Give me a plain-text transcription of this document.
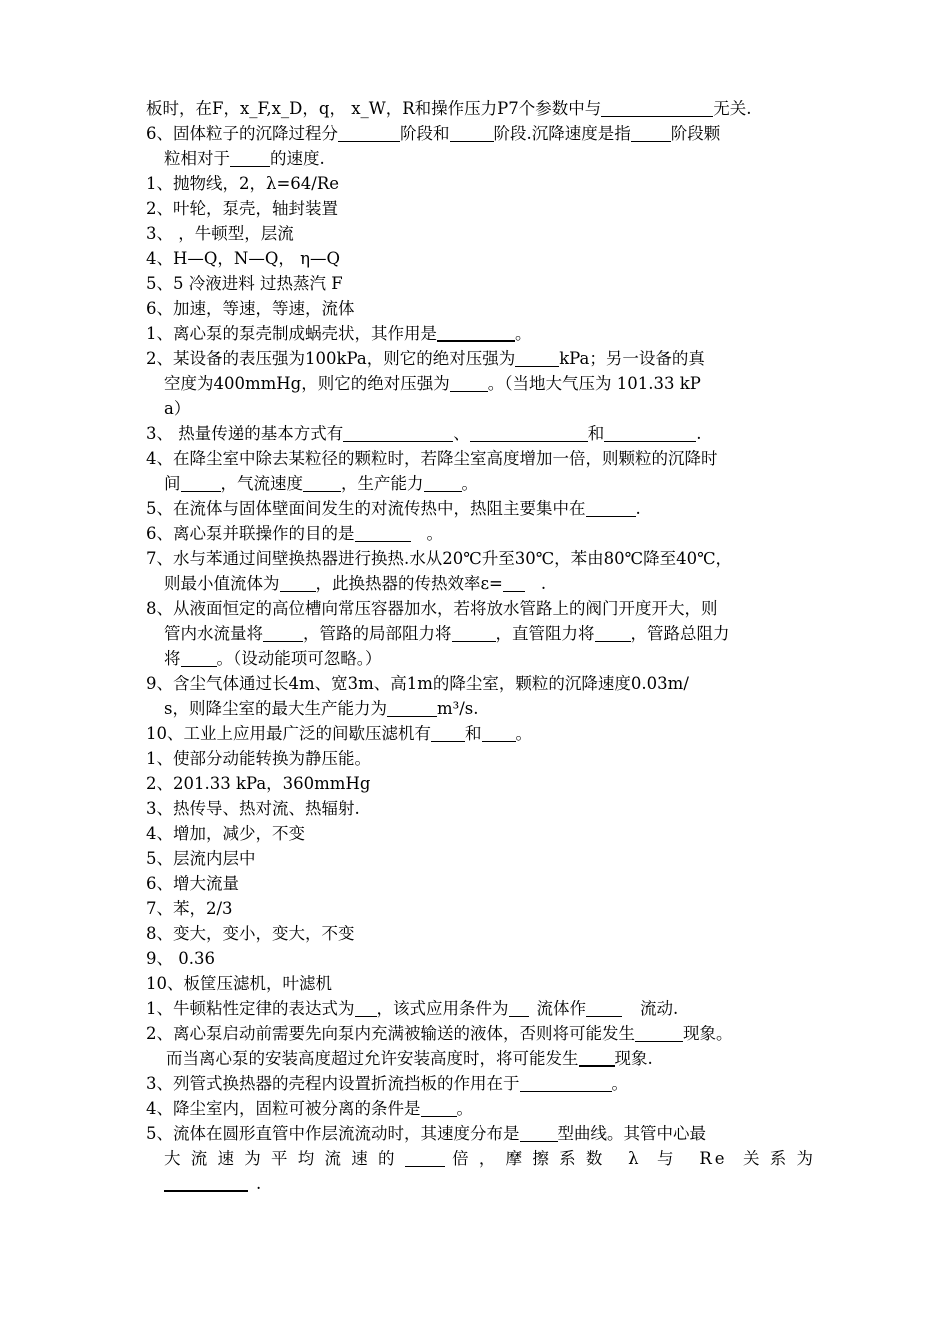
板时，在F，x_F,x_D，q， x_W，R和操作压力P7个参数中与	无关.
6、固体粒子的沉降过程分	阶段和	阶段.沉降速度是指 阶段颗
粒相对于 的速度.
1、抛物线，2，λ=64/Re
2、叶轮，泵壳，轴封装置
3、 ，牛顿型，层流
4、H—Q，N—Q， η—Q
5、5 冷液进料 过热蒸汽 F
6、加速，等速，等速，流体
1、离心泵的泵壳制成蜗壳状，其作用是	。
2、某设备的表压强为100kPa，则它的绝对压强为	kPa；另一设备的真
空度为400mmHg，则它的绝对压强为 。（当地大气压为 101.33 kP
a）
3、 热量传递的基本方式有	、	和	.
4、在降尘室中除去某粒径的颗粒时，若降尘室高度增加一倍，则颗粒的沉降时
间 ，气流速度 ，生产能力 。
5、在流体与固体壁面间发生的对流传热中，热阻主要集中在	.
6、离心泵并联操作的目的是	。
7、水与苯通过间壁换热器进行换热.水从20℃升至30℃，苯由80℃降至40℃，
则最小值流体为 ，此换热器的传热效率ε= .
8、从液面恒定的高位槽向常压容器加水，若将放水管路上的阀门开度开大，则
管内水流量将 ，管路的局部阻力将	，直管阻力将 ，管路总阻力
将 。（设动能项可忽略。）
9、含尘气体通过长4m、宽3m、高1m的降尘室，颗粒的沉降速度0.03m/
s，则降尘室的最大生产能力为	m³/s.
10、工业上应用最广泛的间歇压滤机有 和 。
1、使部分动能转换为静压能。
2、201.33 kPa，360mmHg
3、热传导、热对流、热辐射.
4、增加，减少，不变
5、层流内层中
6、增大流量
7、苯，2/3
8、变大，变小，变大，不变
9、 0.36
10、板筐压滤机，叶滤机
1、牛顿粘性定律的表达式为 ，该式应用条件为 流体作	流动.
2、离心泵启动前需要先向泵内充满被输送的液体，否则将可能发生	现象。
而当离心泵的安装高度超过允许安装高度时，将可能发生 现象.
3、列管式换热器的壳程内设置折流挡板的作用在于	。
4、降尘室内，固粒可被分离的条件是 。
5、流体在圆形直管中作层流流动时，其速度分布是 型曲线。其管中心最
大流速为平均流速的 倍，摩擦系数 λ 与 Re 关系为
.
